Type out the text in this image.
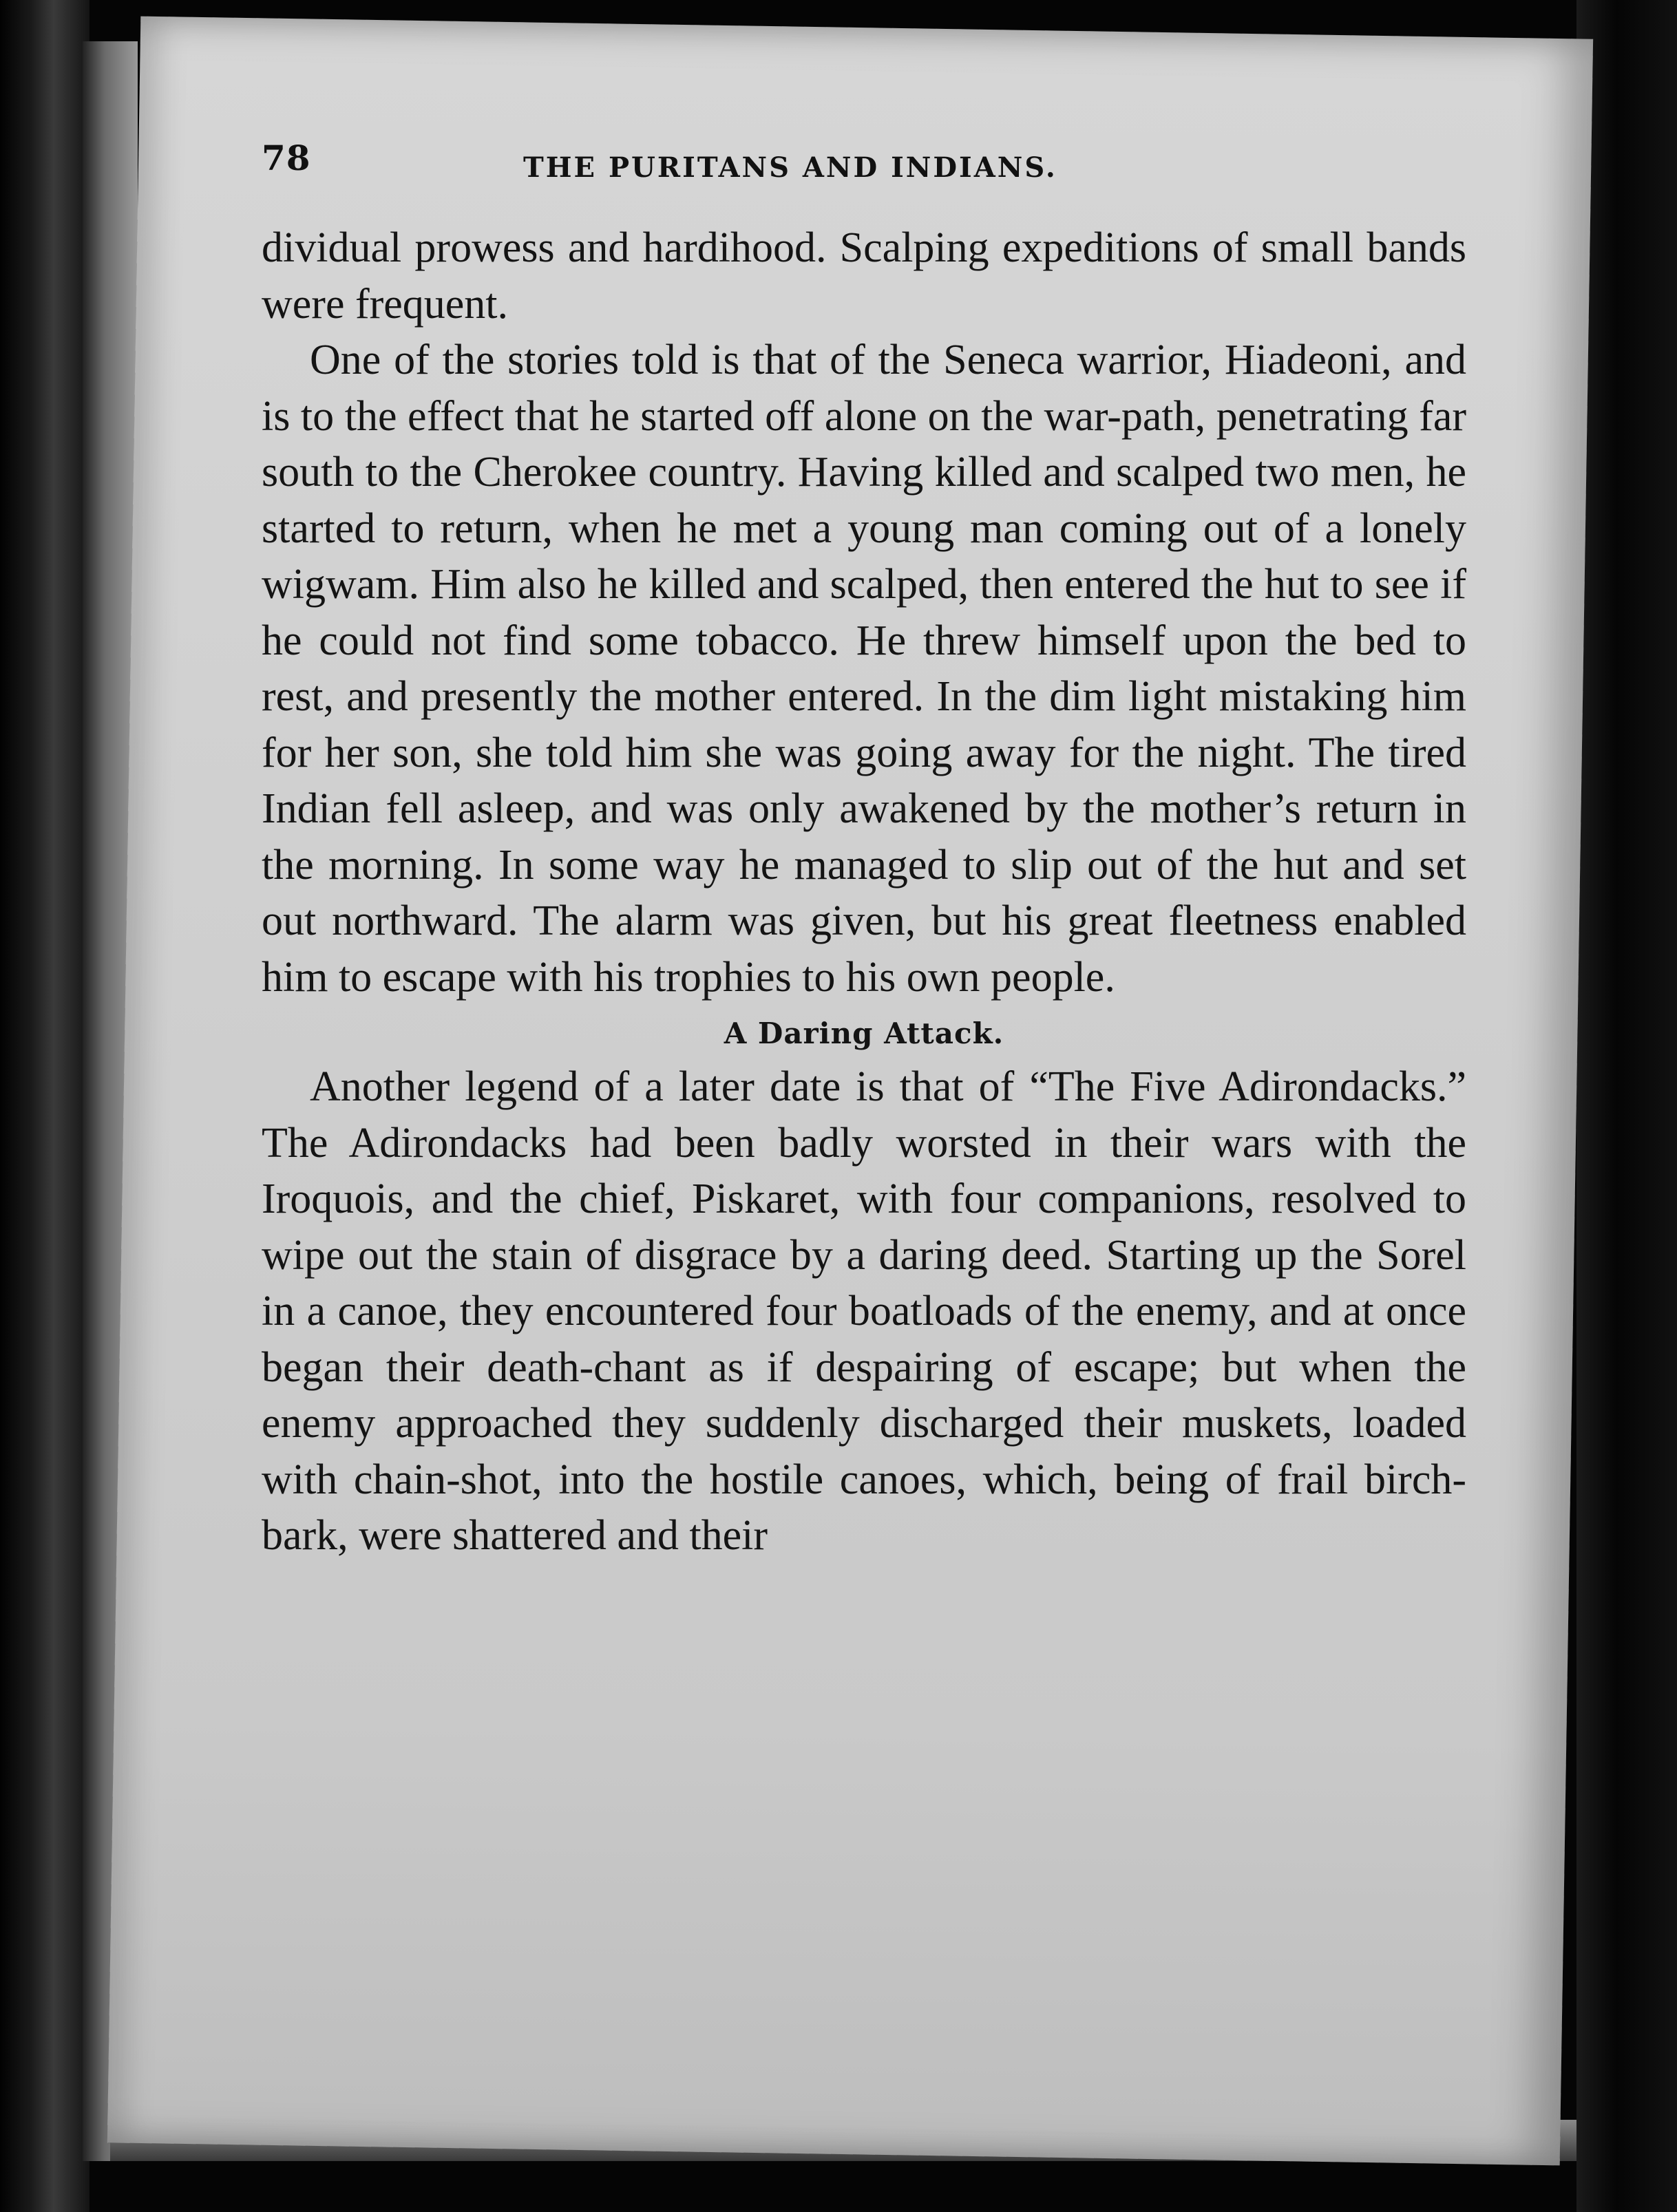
78	THE PURITANS AND INDIANS.

dividual prowess and hardihood. Scalping expeditions of small bands were frequent.

One of the stories told is that of the Seneca warrior, Hiadeoni, and is to the effect that he started off alone on the war-path, penetrating far south to the Cherokee country. Having killed and scalped two men, he started to return, when he met a young man coming out of a lonely wigwam. Him also he killed and scalped, then entered the hut to see if he could not find some tobacco. He threw himself upon the bed to rest, and presently the mother entered. In the dim light mistaking him for her son, she told him she was going away for the night. The tired Indian fell asleep, and was only awakened by the mother’s return in the morning. In some way he managed to slip out of the hut and set out northward. The alarm was given, but his great fleetness enabled him to escape with his trophies to his own people.

A Daring Attack.

Another legend of a later date is that of “The Five Adirondacks.” The Adirondacks had been badly worsted in their wars with the Iroquois, and the chief, Piskaret, with four companions, resolved to wipe out the stain of disgrace by a daring deed. Starting up the Sorel in a canoe, they encountered four boatloads of the enemy, and at once began their death-chant as if despairing of escape; but when the enemy approached they suddenly discharged their muskets, loaded with chain-shot, into the hostile canoes, which, being of frail birch-bark, were shattered and their
